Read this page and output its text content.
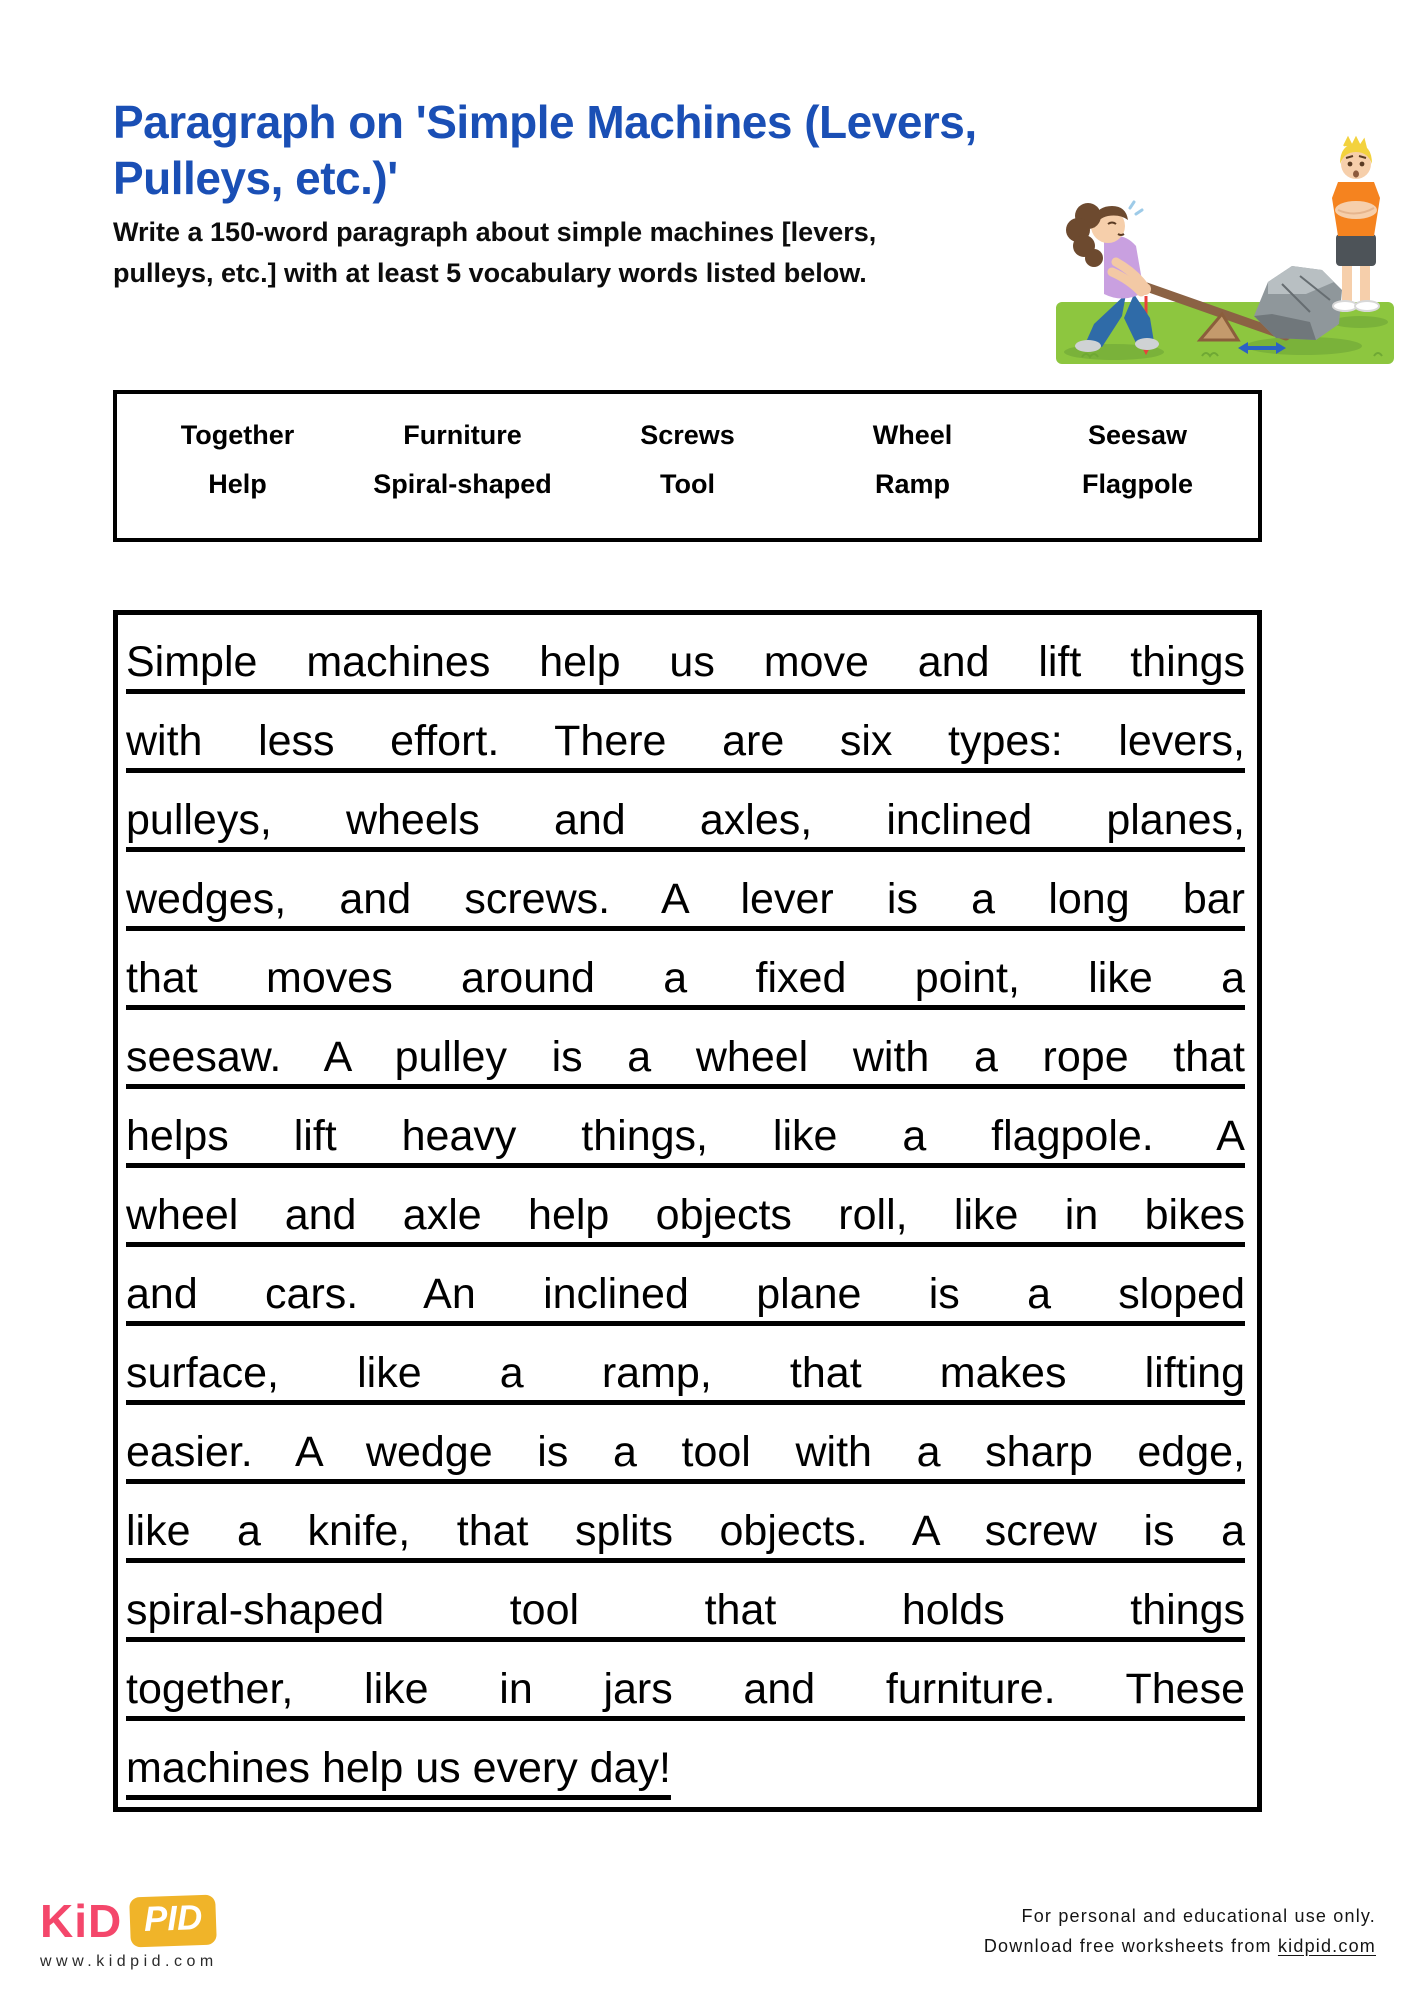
Paragraph on 'Simple Machines (Levers,
Pulleys, etc.)'
Write a 150-word paragraph about simple machines [levers,
pulleys, etc.] with at least 5 vocabulary words listed below.
Together	Furniture	Screws	Wheel	Seesaw
Help	Spiral-shaped	Tool	Ramp	Flagpole
Simple machines help us move and lift things
with less effort. There are six types: levers,
pulleys, wheels and axles, inclined planes,
wedges, and screws. A lever is a long bar
that moves around a fixed point, like a
seesaw. A pulley is a wheel with a rope that
helps lift heavy things, like a flagpole. A
wheel and axle help objects roll, like in bikes
and cars. An inclined plane is a sloped
surface, like a ramp, that makes lifting
easier. A wedge is a tool with a sharp edge,
like a knife, that splits objects. A screw is a
spiral-shaped tool that holds things
together, like in jars and furniture. These
machines help us every day!
KiD PID
www.kidpid.com
For personal and educational use only.
Download free worksheets from kidpid.com
